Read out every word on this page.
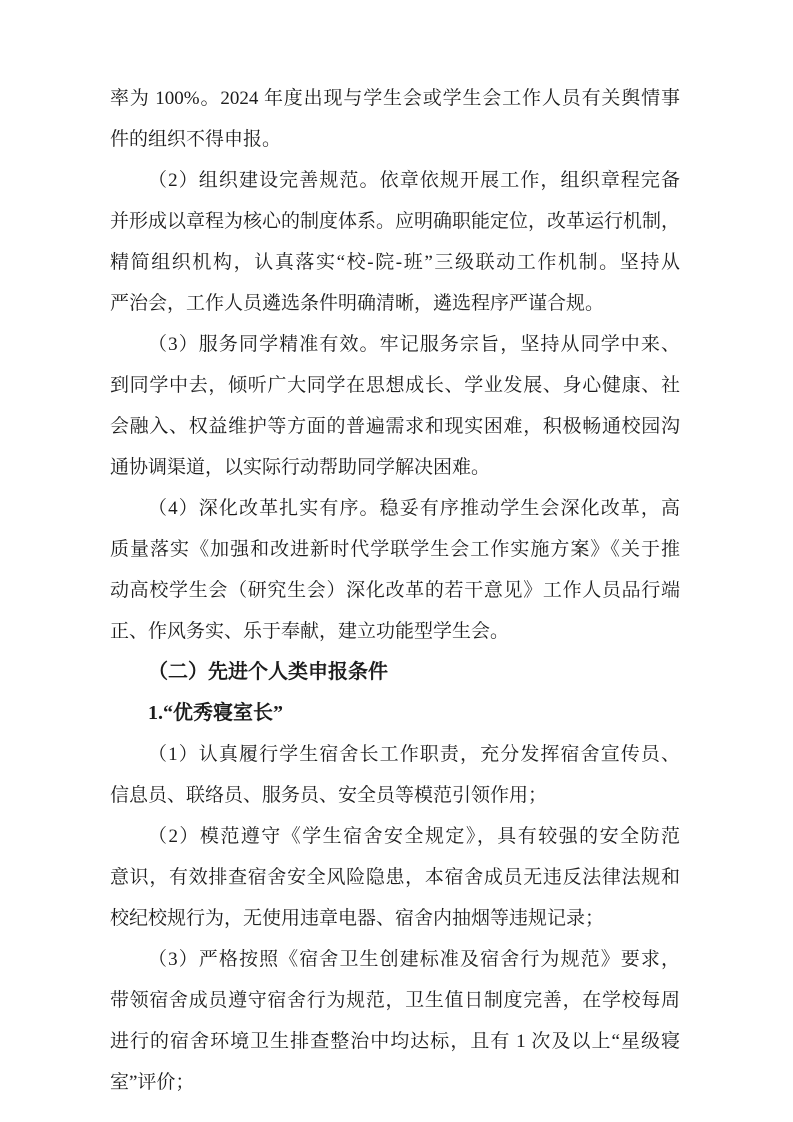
率为 100%。2024 年度出现与学生会或学生会工作人员有关舆情事
件的组织不得申报。
（2）组织建设完善规范。依章依规开展工作，组织章程完备
并形成以章程为核心的制度体系。应明确职能定位，改革运行机制，
精简组织机构，认真落实“校-院-班”三级联动工作机制。坚持从
严治会，工作人员遴选条件明确清晰，遴选程序严谨合规。
（3）服务同学精准有效。牢记服务宗旨，坚持从同学中来、
到同学中去，倾听广大同学在思想成长、学业发展、身心健康、社
会融入、权益维护等方面的普遍需求和现实困难，积极畅通校园沟
通协调渠道，以实际行动帮助同学解决困难。
（4）深化改革扎实有序。稳妥有序推动学生会深化改革，高
质量落实《加强和改进新时代学联学生会工作实施方案》《关于推
动高校学生会（研究生会）深化改革的若干意见》工作人员品行端
正、作风务实、乐于奉献，建立功能型学生会。
（二）先进个人类申报条件
1.“优秀寝室长”
（1）认真履行学生宿舍长工作职责，充分发挥宿舍宣传员、
信息员、联络员、服务员、安全员等模范引领作用；
（2）模范遵守《学生宿舍安全规定》，具有较强的安全防范
意识，有效排查宿舍安全风险隐患，本宿舍成员无违反法律法规和
校纪校规行为，无使用违章电器、宿舍内抽烟等违规记录；
（3）严格按照《宿舍卫生创建标准及宿舍行为规范》要求，
带领宿舍成员遵守宿舍行为规范，卫生值日制度完善，在学校每周
进行的宿舍环境卫生排查整治中均达标，且有 1 次及以上“星级寝
室”评价；
